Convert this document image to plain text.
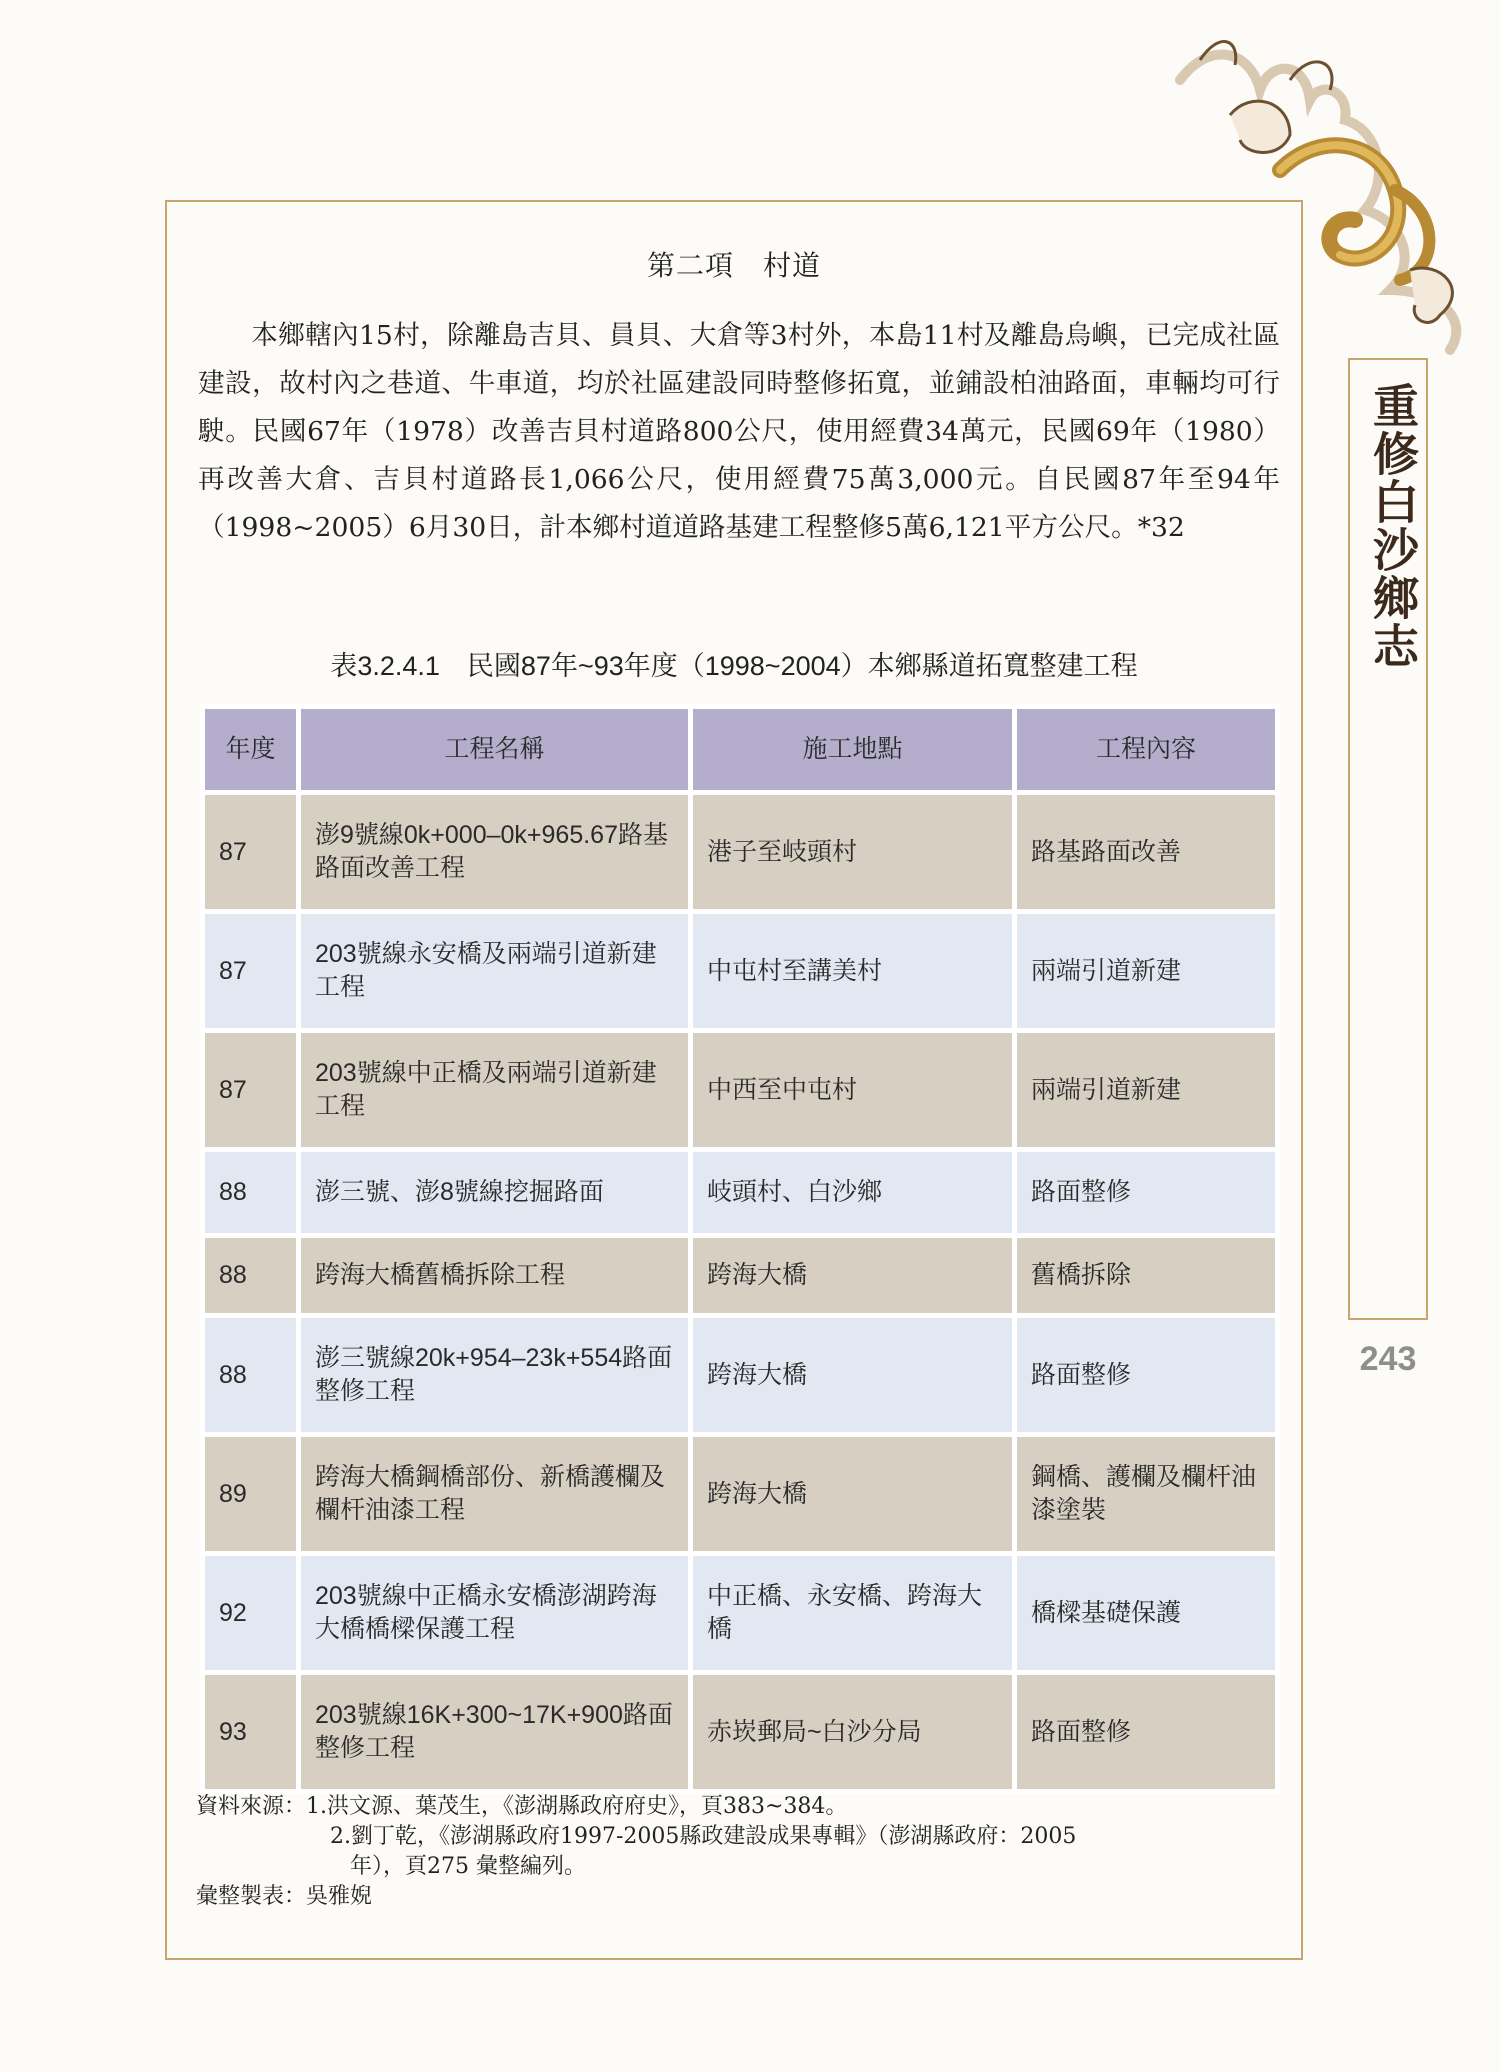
重修白沙鄉志
243
第二項　村道

本鄉轄內15村，除離島吉貝、員貝、大倉等3村外，本島11村及離島烏嶼，已完成社區建設，故村內之巷道、牛車道，均於社區建設同時整修拓寬，並鋪設柏油路面，車輛均可行駛。民國67年（1978）改善吉貝村道路800公尺，使用經費34萬元，民國69年（1980）再改善大倉、吉貝村道路長1,066公尺，使用經費75萬3,000元。自民國87年至94年（1998~2005）6月30日，計本鄉村道道路基建工程整修5萬6,121平方公尺。*32

表3.2.4.1　民國87年~93年度（1998~2004）本鄉縣道拓寬整建工程
年度	工程名稱	施工地點	工程內容
87	澎9號線0k+000–0k+965.67路基路面改善工程	港子至岐頭村	路基路面改善
87	203號線永安橋及兩端引道新建工程	中屯村至講美村	兩端引道新建
87	203號線中正橋及兩端引道新建工程	中西至中屯村	兩端引道新建
88	澎三號、澎8號線挖掘路面	岐頭村、白沙鄉	路面整修
88	跨海大橋舊橋拆除工程	跨海大橋	舊橋拆除
88	澎三號線20k+954–23k+554路面整修工程	跨海大橋	路面整修
89	跨海大橋鋼橋部份、新橋護欄及欄杆油漆工程	跨海大橋	鋼橋、護欄及欄杆油漆塗裝
92	203號線中正橋永安橋澎湖跨海大橋橋樑保護工程	中正橋、永安橋、跨海大橋	橋樑基礎保護
93	203號線16K+300~17K+900路面整修工程	赤崁郵局~白沙分局	路面整修
資料來源：1.洪文源、葉茂生，《澎湖縣政府府史》，頁383~384。
2.劉丁乾，《澎湖縣政府1997-2005縣政建設成果專輯》（澎湖縣政府：2005
年），頁275 彙整編列。
彙整製表：吳雅婗
